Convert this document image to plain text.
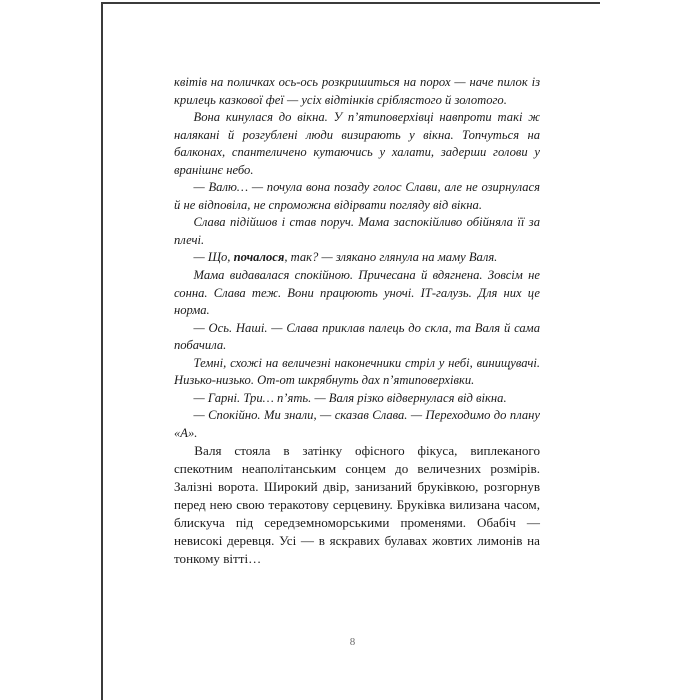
квітів на поличках ось-ось розкришиться на порох — наче пилок із крилець казкової феї — усіх відтінків сріблястого й золотого.

Вона кинулася до вікна. У п’ятиповерхівці навпроти такі ж налякані й розгублені люди визирають у вікна. Топчуться на балконах, спантеличено кутаючись у халати, задерши голови у вранішнє небо.

— Валю… — почула вона позаду голос Слави, але не озирнулася й не відповіла, не спроможна відірвати погляду від вікна.

Слава підійшов і став поруч. Мама заспокійливо обійняла її за плечі.

— Що, почалося, так? — злякано глянула на маму Валя.

Мама видавалася спокійною. Причесана й вдягнена. Зовсім не сонна. Слава теж. Вони працюють уночі. ІТ-галузь. Для них це норма.

— Ось. Наші. — Слава приклав палець до скла, та Валя й сама побачила.

Темні, схожі на величезні наконечники стріл у небі, винищувачі. Низько-низько. От-от шкрябнуть дах п’ятиповерхівки.

— Гарні. Три… п’ять. — Валя різко відвернулася від вікна.

— Спокійно. Ми знали, — сказав Слава. — Переходимо до плану «А».

Валя стояла в затінку офісного фікуса, виплеканого спекотним неаполітанським сонцем до величезних розмірів. Залізні ворота. Широкий двір, занизаний бруківкою, розгорнув перед нею свою теракотову серцевину. Бруківка вилизана часом, блискуча під середземноморськими променями. Обабіч — невисокі деревця. Усі — в яскравих булавах жовтих лимонів на тонкому вітті…

8
